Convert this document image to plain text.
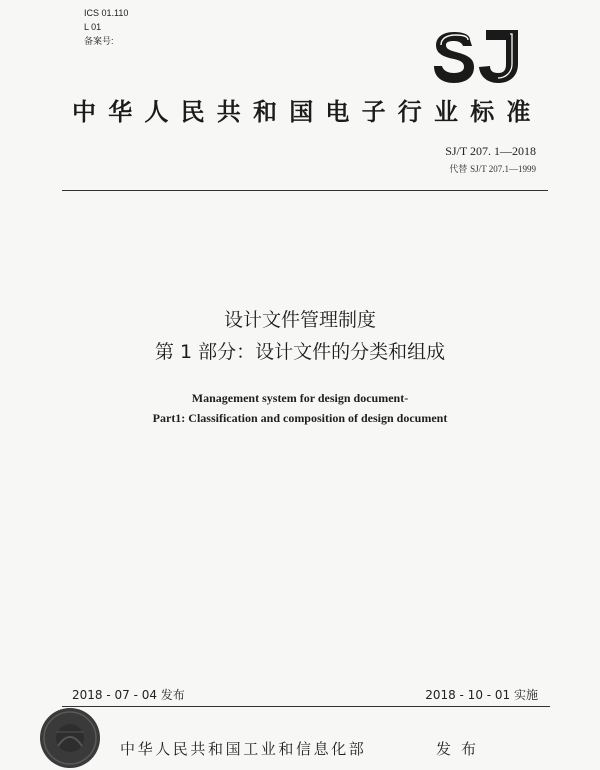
ICS 01.110
L 01
备案号:
中华人民共和国电子行业标准
SJ/T 207. 1—2018
代替 SJ/T 207.1—1999
设计文件管理制度
第 1 部分：设计文件的分类和组成
Management system for design document-
Part1: Classification and composition of design document
2018 - 07 - 04 发布	2018 - 10 - 01 实施
中华人民共和国工业和信息化部	发布
